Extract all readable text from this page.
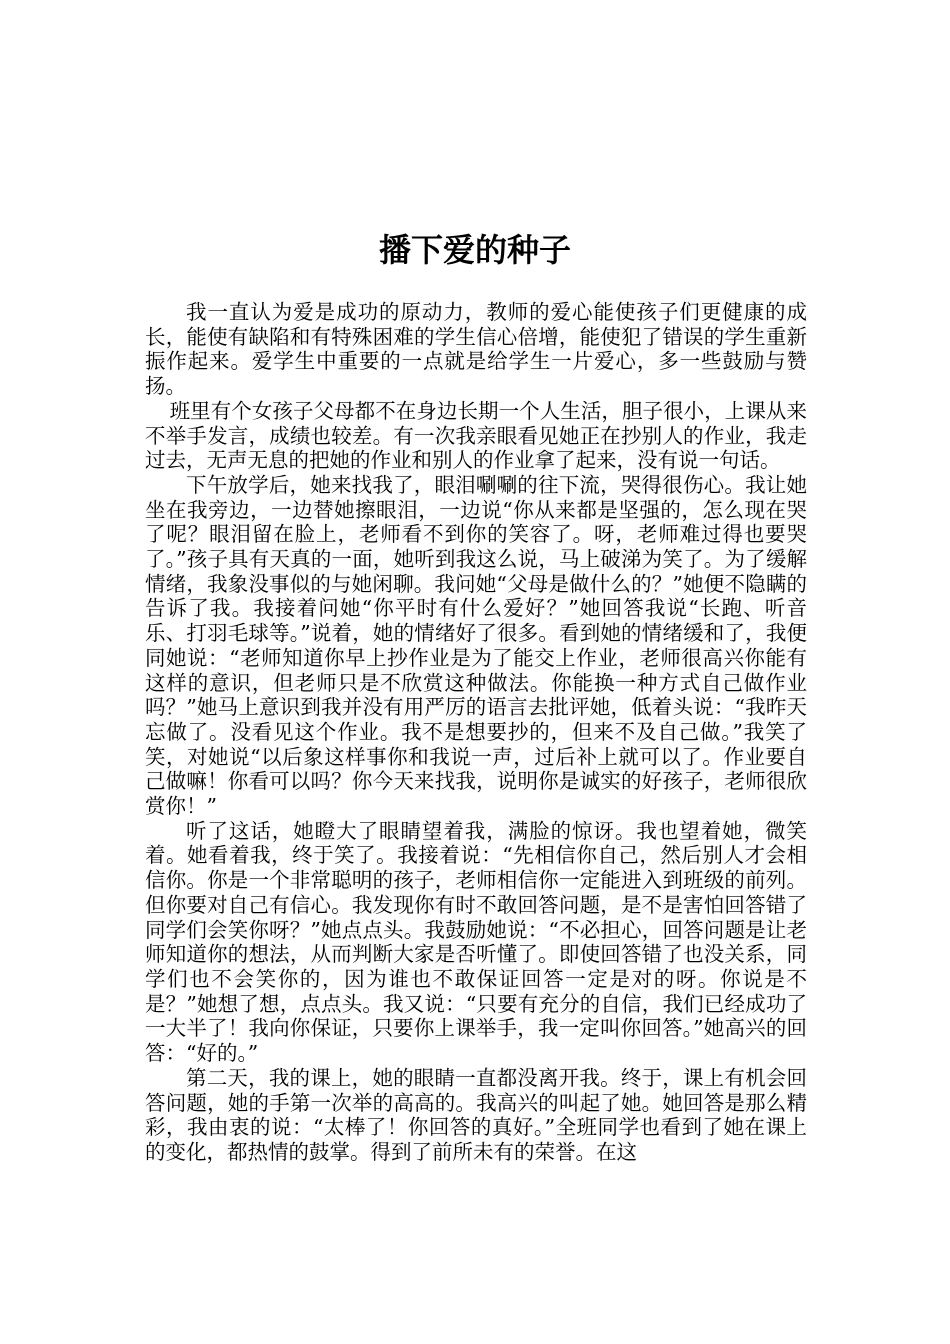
播下爱的种子

我一直认为爱是成功的原动力，教师的爱心能使孩子们更健康的成长，能使有缺陷和有特殊困难的学生信心倍增，能使犯了错误的学生重新振作起来。爱学生中重要的一点就是给学生一片爱心，多一些鼓励与赞扬。

班里有个女孩子父母都不在身边长期一个人生活，胆子很小，上课从来不举手发言，成绩也较差。有一次我亲眼看见她正在抄别人的作业，我走过去，无声无息的把她的作业和别人的作业拿了起来，没有说一句话。

下午放学后，她来找我了，眼泪唰唰的往下流，哭得很伤心。我让她坐在我旁边，一边替她擦眼泪，一边说“你从来都是坚强的，怎么现在哭了呢？眼泪留在脸上，老师看不到你的笑容了。呀，老师难过得也要哭了。”孩子具有天真的一面，她听到我这么说，马上破涕为笑了。为了缓解情绪，我象没事似的与她闲聊。我问她“父母是做什么的？”她便不隐瞒的告诉了我。我接着问她“你平时有什么爱好？”她回答我说“长跑、听音乐、打羽毛球等。”说着，她的情绪好了很多。看到她的情绪缓和了，我便同她说：“老师知道你早上抄作业是为了能交上作业，老师很高兴你能有这样的意识，但老师只是不欣赏这种做法。你能换一种方式自己做作业吗？”她马上意识到我并没有用严厉的语言去批评她，低着头说：“我昨天忘做了。没看见这个作业。我不是想要抄的，但来不及自己做。”我笑了笑，对她说“以后象这样事你和我说一声，过后补上就可以了。作业要自己做嘛！你看可以吗？你今天来找我，说明你是诚实的好孩子，老师很欣赏你！”

听了这话，她瞪大了眼睛望着我，满脸的惊讶。我也望着她，微笑着。她看着我，终于笑了。我接着说：“先相信你自己，然后别人才会相信你。你是一个非常聪明的孩子，老师相信你一定能进入到班级的前列。但你要对自己有信心。我发现你有时不敢回答问题，是不是害怕回答错了同学们会笑你呀？”她点点头。我鼓励她说：“不必担心，回答问题是让老师知道你的想法，从而判断大家是否听懂了。即使回答错了也没关系，同学们也不会笑你的，因为谁也不敢保证回答一定是对的呀。你说是不是？”她想了想，点点头。我又说：“只要有充分的自信，我们已经成功了一大半了！我向你保证，只要你上课举手，我一定叫你回答。”她高兴的回答：“好的。”

第二天，我的课上，她的眼睛一直都没离开我。终于，课上有机会回答问题，她的手第一次举的高高的。我高兴的叫起了她。她回答是那么精彩，我由衷的说：“太棒了！你回答的真好。”全班同学也看到了她在课上的变化，都热情的鼓掌。得到了前所未有的荣誉。在这
